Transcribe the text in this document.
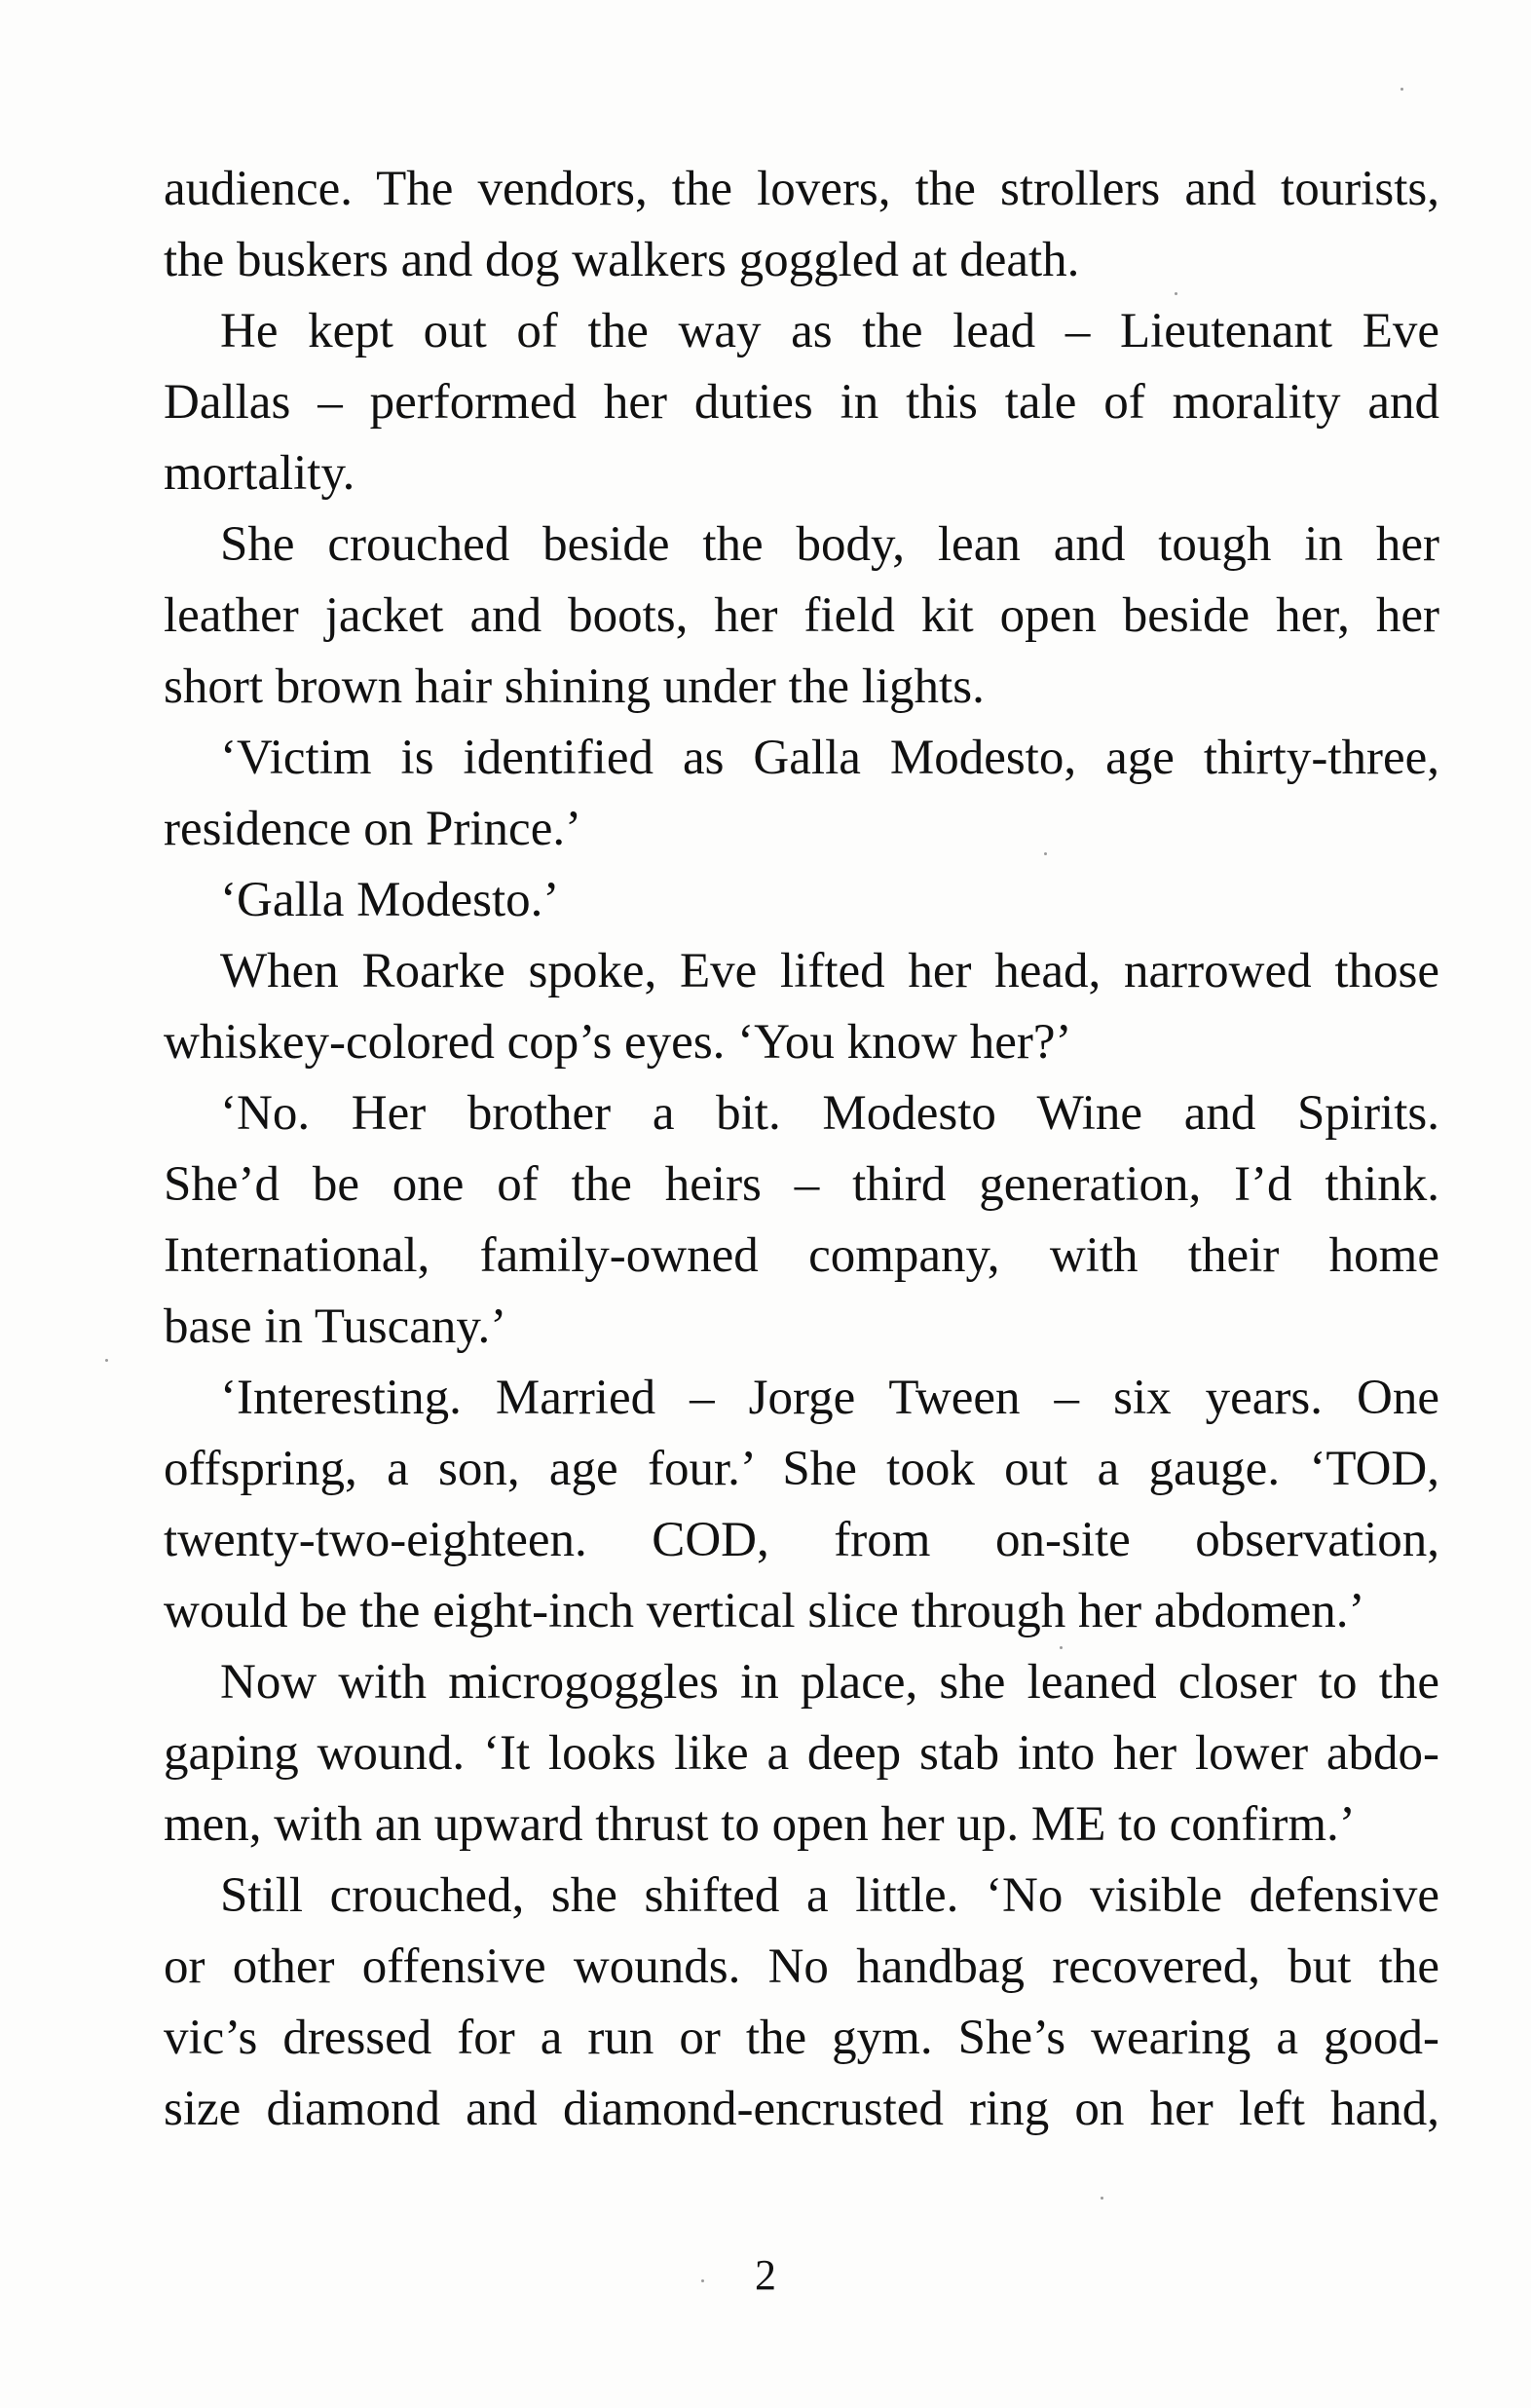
audience. The vendors, the lovers, the strollers and tourists,
the buskers and dog walkers goggled at death.
He kept out of the way as the lead – Lieutenant Eve
Dallas – performed her duties in this tale of morality and
mortality.
She crouched beside the body, lean and tough in her
leather jacket and boots, her field kit open beside her, her
short brown hair shining under the lights.
‘Victim is identified as Galla Modesto, age thirty-three,
residence on Prince.’
‘Galla Modesto.’
When Roarke spoke, Eve lifted her head, narrowed those
whiskey-colored cop’s eyes. ‘You know her?’
‘No. Her brother a bit. Modesto Wine and Spirits.
She’d be one of the heirs – third generation, I’d think.
International, family-owned company, with their home
base in Tuscany.’
‘Interesting. Married – Jorge Tween – six years. One
offspring, a son, age four.’ She took out a gauge. ‘TOD,
twenty-two-eighteen. COD, from on-site observation,
would be the eight-inch vertical slice through her abdomen.’
Now with microgoggles in place, she leaned closer to the
gaping wound. ‘It looks like a deep stab into her lower abdo-
men, with an upward thrust to open her up. ME to confirm.’
Still crouched, she shifted a little. ‘No visible defensive
or other offensive wounds. No handbag recovered, but the
vic’s dressed for a run or the gym. She’s wearing a good-
size diamond and diamond-encrusted ring on her left hand,
2
